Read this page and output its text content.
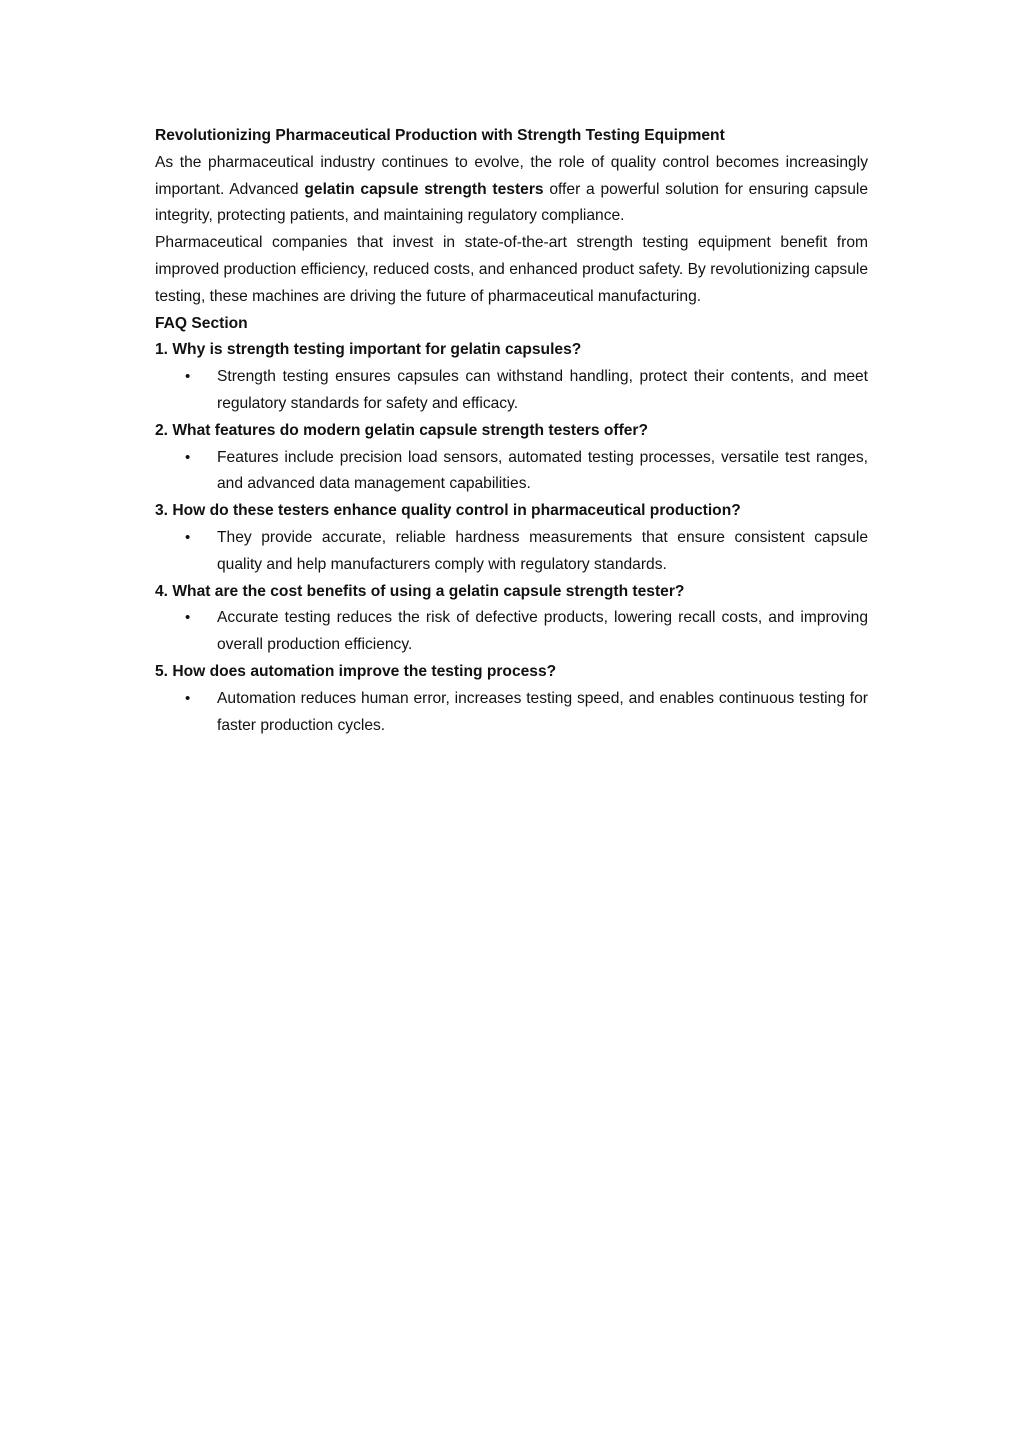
Revolutionizing Pharmaceutical Production with Strength Testing Equipment

As the pharmaceutical industry continues to evolve, the role of quality control becomes increasingly important. Advanced gelatin capsule strength testers offer a powerful solution for ensuring capsule integrity, protecting patients, and maintaining regulatory compliance.

Pharmaceutical companies that invest in state-of-the-art strength testing equipment benefit from improved production efficiency, reduced costs, and enhanced product safety. By revolutionizing capsule testing, these machines are driving the future of pharmaceutical manufacturing.

FAQ Section

1. Why is strength testing important for gelatin capsules?

• Strength testing ensures capsules can withstand handling, protect their contents, and meet regulatory standards for safety and efficacy.

2. What features do modern gelatin capsule strength testers offer?

• Features include precision load sensors, automated testing processes, versatile test ranges, and advanced data management capabilities.

3. How do these testers enhance quality control in pharmaceutical production?

• They provide accurate, reliable hardness measurements that ensure consistent capsule quality and help manufacturers comply with regulatory standards.

4. What are the cost benefits of using a gelatin capsule strength tester?

• Accurate testing reduces the risk of defective products, lowering recall costs, and improving overall production efficiency.

5. How does automation improve the testing process?

• Automation reduces human error, increases testing speed, and enables continuous testing for faster production cycles.
